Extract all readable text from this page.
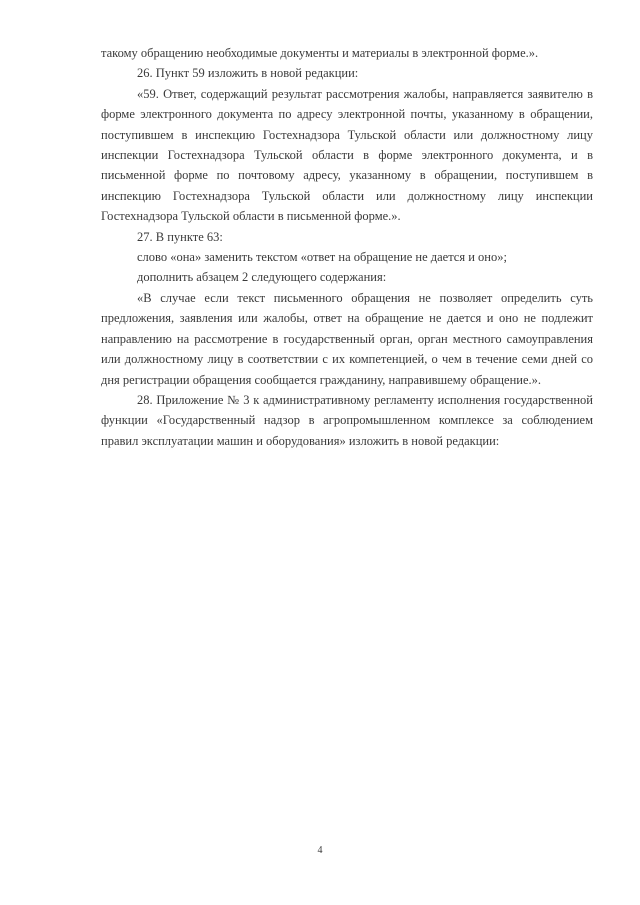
такому обращению необходимые документы и материалы в электронной форме.».

26. Пункт 59 изложить в новой редакции:

«59. Ответ, содержащий результат рассмотрения жалобы, направляется заявителю в форме электронного документа по адресу электронной почты, указанному в обращении, поступившем в инспекцию Гостехнадзора Тульской области или должностному лицу инспекции Гостехнадзора Тульской области в форме электронного документа, и в письменной форме по почтовому адресу, указанному в обращении, поступившем в инспекцию Гостехнадзора Тульской области или должностному лицу инспекции Гостехнадзора Тульской области в письменной форме.».

27. В пункте 63:

слово «она» заменить текстом «ответ на обращение не дается и оно»;

дополнить абзацем 2 следующего содержания:

«В случае если текст письменного обращения не позволяет определить суть предложения, заявления или жалобы, ответ на обращение не дается и оно не подлежит направлению на рассмотрение в государственный орган, орган местного самоуправления или должностному лицу в соответствии с их компетенцией, о чем в течение семи дней со дня регистрации обращения сообщается гражданину, направившему обращение.».

28. Приложение № 3 к административному регламенту исполнения государственной функции «Государственный надзор в агропромышленном комплексе за соблюдением правил эксплуатации машин и оборудования» изложить в новой редакции:

4
